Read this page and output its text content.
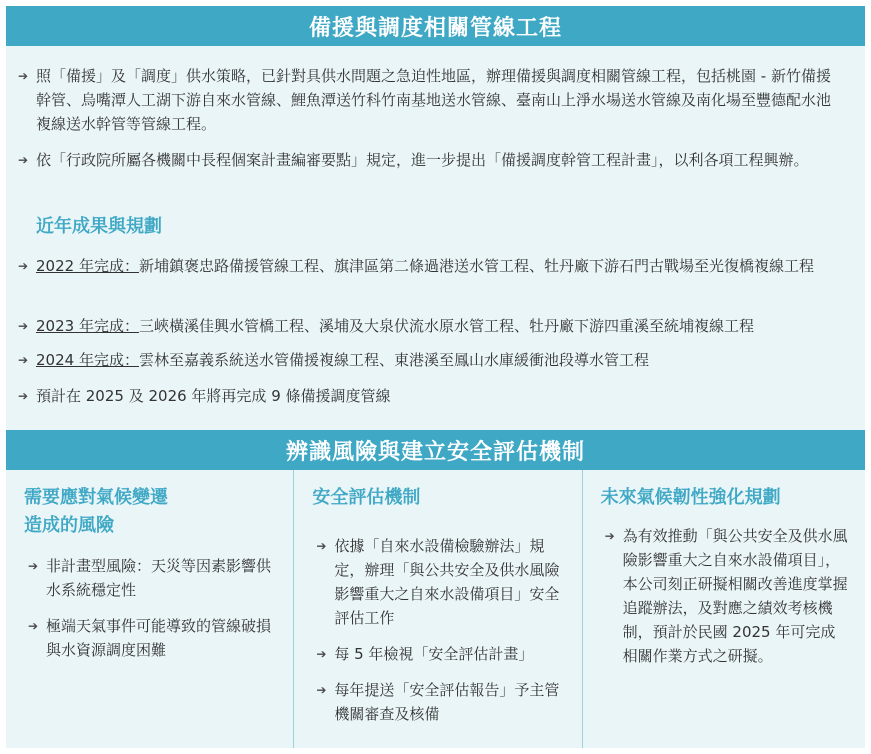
備援與調度相關管線工程
➔ 照「備援」及「調度」供水策略，已針對具供水問題之急迫性地區，辦理備援與調度相關管線工程，包括桃園 - 新竹備援幹管、烏嘴潭人工湖下游自來水管線、鯉魚潭送竹科竹南基地送水管線、臺南山上淨水場送水管線及南化場至豐德配水池複線送水幹管等管線工程。
➔ 依「行政院所屬各機關中長程個案計畫編審要點」規定，進一步提出「備援調度幹管工程計畫」，以利各項工程興辦。
近年成果與規劃
➔ 2022 年完成：新埔鎮褒忠路備援管線工程、旗津區第二條過港送水管工程、牡丹廠下游石門古戰場至光復橋複線工程
➔ 2023 年完成：三峽橫溪佳興水管橋工程、溪埔及大泉伏流水原水管工程、牡丹廠下游四重溪至統埔複線工程
➔ 2024 年完成：雲林至嘉義系統送水管備援複線工程、東港溪至鳳山水庫緩衝池段導水管工程
➔ 預計在 2025 及 2026 年將再完成 9 條備援調度管線
辨識風險與建立安全評估機制
需要應對氣候變遷
造成的風險
➔ 非計畫型風險：天災等因素影響供水系統穩定性
➔ 極端天氣事件可能導致的管線破損與水資源調度困難
安全評估機制
➔ 依據「自來水設備檢驗辦法」規定，辦理「與公共安全及供水風險影響重大之自來水設備項目」安全評估工作
➔ 每 5 年檢視「安全評估計畫」
➔ 每年提送「安全評估報告」予主管機關審查及核備
未來氣候韌性強化規劃
➔ 為有效推動「與公共安全及供水風險影響重大之自來水設備項目」，本公司刻正研擬相關改善進度掌握追蹤辦法，及對應之績效考核機制，預計於民國 2025 年可完成相關作業方式之研擬。
